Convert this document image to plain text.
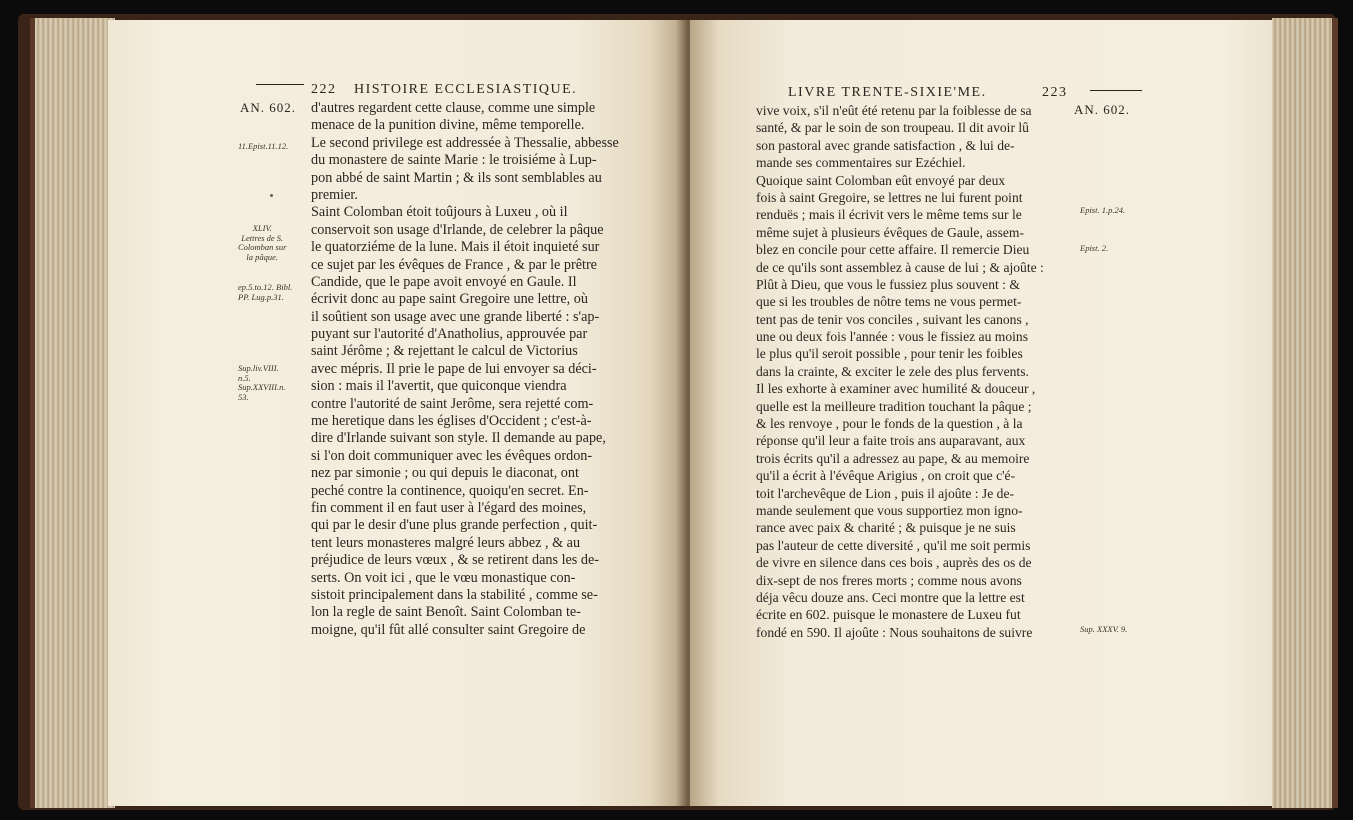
222 HISTOIRE ECCLESIASTIQUE.
AN. 602.
11.Epist.11.12.
XLIV.
Lettres de S.
Colomban sur
la pâque.
ep.5.to.12. Bibl.
PP. Lug.p.31.
Sup.liv.VIII.
n.5.
Sup.XXVIII.n.
53.
d'autres regardent cette clause, comme une simple
menace de la punition divine, même temporelle.
Le second privilege est addressée à Thessalie, abbesse
du monastere de sainte Marie : le troisiéme à Lup-
pon abbé de saint Martin ; & ils sont semblables au
premier.
Saint Colomban étoit toûjours à Luxeu , où il
conservoit son usage d'Irlande, de celebrer la pâque
le quatorziéme de la lune. Mais il étoit inquieté sur
ce sujet par les évêques de France , & par le prêtre
Candide, que le pape avoit envoyé en Gaule. Il
écrivit donc au pape saint Gregoire une lettre, où
il soûtient son usage avec une grande liberté : s'ap-
puyant sur l'autorité d'Anatholius, approuvée par
saint Jérôme ; & rejettant le calcul de Victorius
avec mépris. Il prie le pape de lui envoyer sa déci-
sion : mais il l'avertit, que quiconque viendra
contre l'autorité de saint Jerôme, sera rejetté com-
me heretique dans les églises d'Occident ; c'est-à-
dire d'Irlande suivant son style. Il demande au pape,
si l'on doit communiquer avec les évêques ordon-
nez par simonie ; ou qui depuis le diaconat, ont
peché contre la continence, quoiqu'en secret. En-
fin comment il en faut user à l'égard des moines,
qui par le desir d'une plus grande perfection , quit-
tent leurs monasteres malgré leurs abbez , & au
préjudice de leurs vœux , & se retirent dans les de-
serts. On voit ici , que le vœu monastique con-
sistoit principalement dans la stabilité , comme se-
lon la regle de saint Benoît. Saint Colomban te-
moigne, qu'il fût allé consulter saint Gregoire de
LIVRE TRENTE-SIXIE'ME.	223
AN. 602.
Epist. 1.p.24.
Epist. 2.
Sup. XXXV. 9.
vive voix, s'il n'eût été retenu par la foiblesse de sa
santé, & par le soin de son troupeau. Il dit avoir lû
son pastoral avec grande satisfaction , & lui de-
mande ses commentaires sur Ezéchiel.
Quoique saint Colomban eût envoyé par deux
fois à saint Gregoire, se lettres ne lui furent point
renduës ; mais il écrivit vers le même tems sur le
même sujet à plusieurs évêques de Gaule, assem-
blez en concile pour cette affaire. Il remercie Dieu
de ce qu'ils sont assemblez à cause de lui ; & ajoûte :
Plût à Dieu, que vous le fussiez plus souvent : &
que si les troubles de nôtre tems ne vous permet-
tent pas de tenir vos conciles , suivant les canons ,
une ou deux fois l'année : vous le fissiez au moins
le plus qu'il seroit possible , pour tenir les foibles
dans la crainte, & exciter le zele des plus fervents.
Il les exhorte à examiner avec humilité & douceur ,
quelle est la meilleure tradition touchant la pâque ;
& les renvoye , pour le fonds de la question , à la
réponse qu'il leur a faite trois ans auparavant, aux
trois écrits qu'il a adressez au pape, & au memoire
qu'il a écrit à l'évêque Arigius , on croit que c'é-
toit l'archevêque de Lion , puis il ajoûte : Je de-
mande seulement que vous supportiez mon igno-
rance avec paix & charité ; & puisque je ne suis
pas l'auteur de cette diversité , qu'il me soit permis
de vivre en silence dans ces bois , auprès des os de
dix-sept de nos freres morts ; comme nous avons
déja vêcu douze ans. Ceci montre que la lettre est
écrite en 602. puisque le monastere de Luxeu fut
fondé en 590. Il ajoûte : Nous souhaitons de suivre
